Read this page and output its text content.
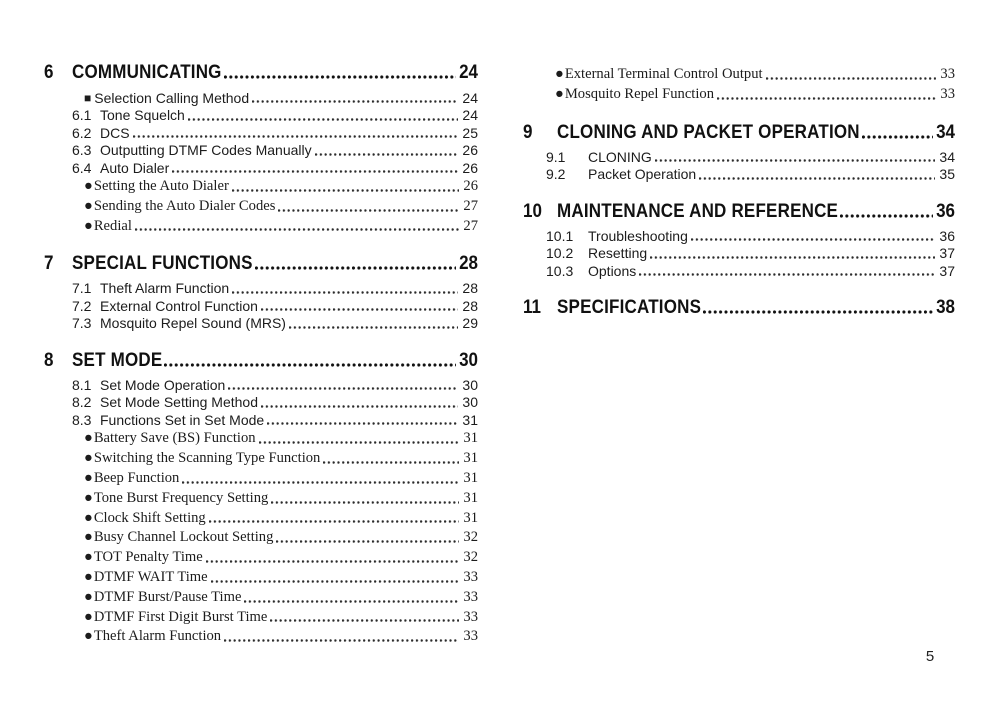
6	COMMUNICATING	24
■ Selection Calling Method	24
6.1 Tone Squelch	24
6.2 DCS	25
6.3 Outputting DTMF Codes Manually	26
6.4 Auto Dialer	26
● Setting the Auto Dialer	26
● Sending the Auto Dialer Codes	27
● Redial	27
7	SPECIAL FUNCTIONS	28
7.1 Theft Alarm Function	28
7.2 External Control Function	28
7.3 Mosquito Repel Sound (MRS)	29
8	SET MODE	30
8.1 Set Mode Operation	30
8.2 Set Mode Setting Method	30
8.3 Functions Set in Set Mode	31
● Battery Save (BS) Function	31
● Switching the Scanning Type Function	31
● Beep Function	31
● Tone Burst Frequency Setting	31
● Clock Shift Setting	31
● Busy Channel Lockout Setting	32
● TOT Penalty Time	32
● DTMF WAIT Time	33
● DTMF Burst/Pause Time	33
● DTMF First Digit Burst Time	33
● Theft Alarm Function	33
● External Terminal Control Output	33
● Mosquito Repel Function	33
9	CLONING AND PACKET OPERATION	34
9.1	CLONING	34
9.2	Packet Operation	35
10 MAINTENANCE AND REFERENCE	36
10.1	Troubleshooting	36
10.2	Resetting	37
10.3	Options	37
11 SPECIFICATIONS	38
5
